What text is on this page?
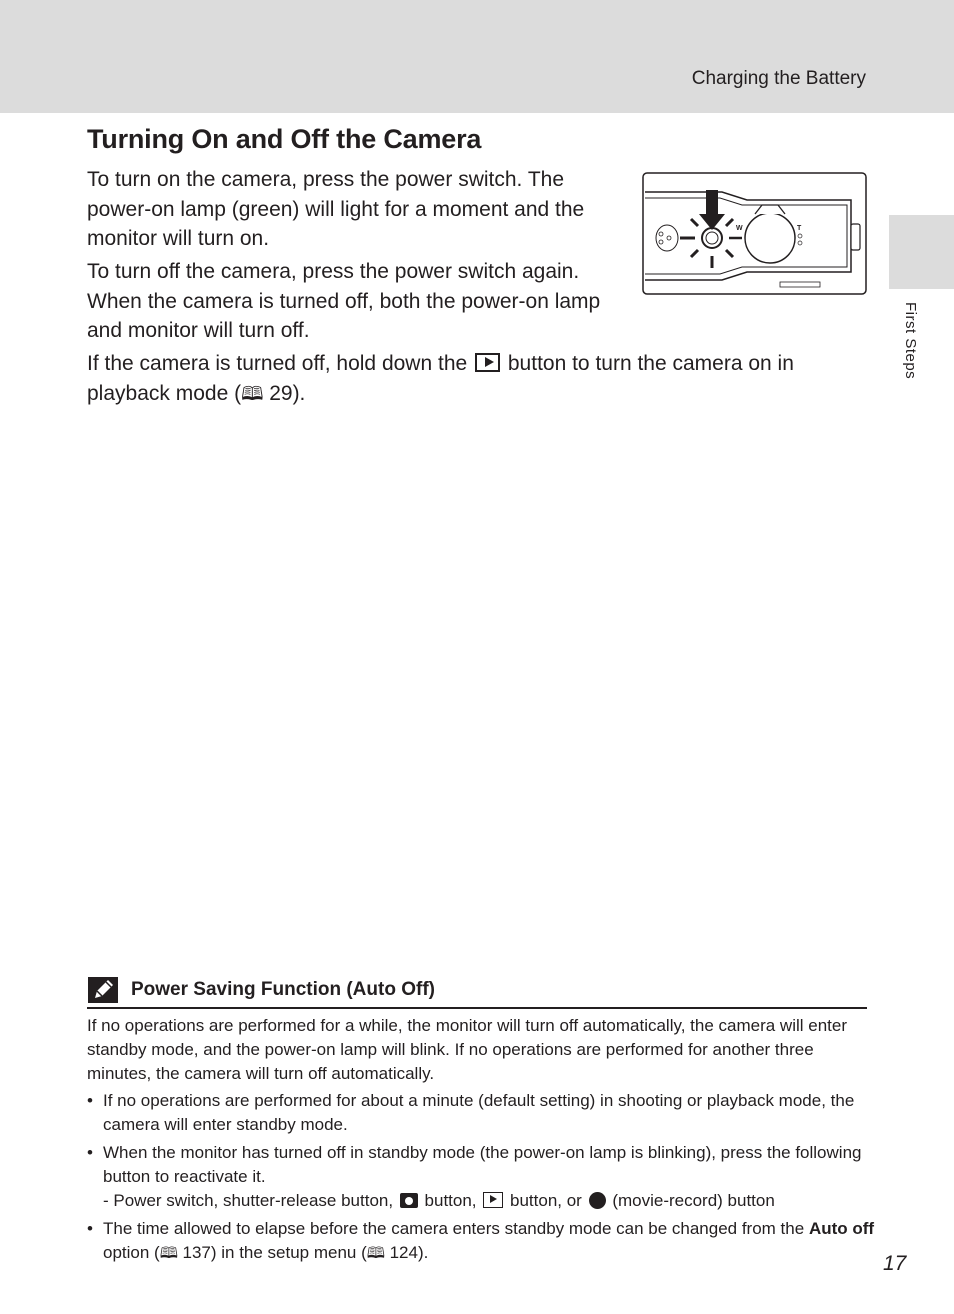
Charging the Battery
First Steps
Turning On and Off the Camera

To turn on the camera, press the power switch. The power-on lamp (green) will light for a moment and the monitor will turn on.

To turn off the camera, press the power switch again. When the camera is turned off, both the power-on lamp and monitor will turn off.

If the camera is turned off, hold down the button to turn the camera on in playback mode (🕮 29).

W	T
Power Saving Function (Auto Off)

If no operations are performed for a while, the monitor will turn off automatically, the camera will enter standby mode, and the power-on lamp will blink. If no operations are performed for another three minutes, the camera will turn off automatically.

• If no operations are performed for about a minute (default setting) in shooting or playback mode, the camera will enter standby mode.
• When the monitor has turned off in standby mode (the power-on lamp is blinking), press the following button to reactivate it.
- Power switch, shutter-release button, button, button, or (movie-record) button
• The time allowed to elapse before the camera enters standby mode can be changed from the Auto off option (🕮 137) in the setup menu (🕮 124).	17
